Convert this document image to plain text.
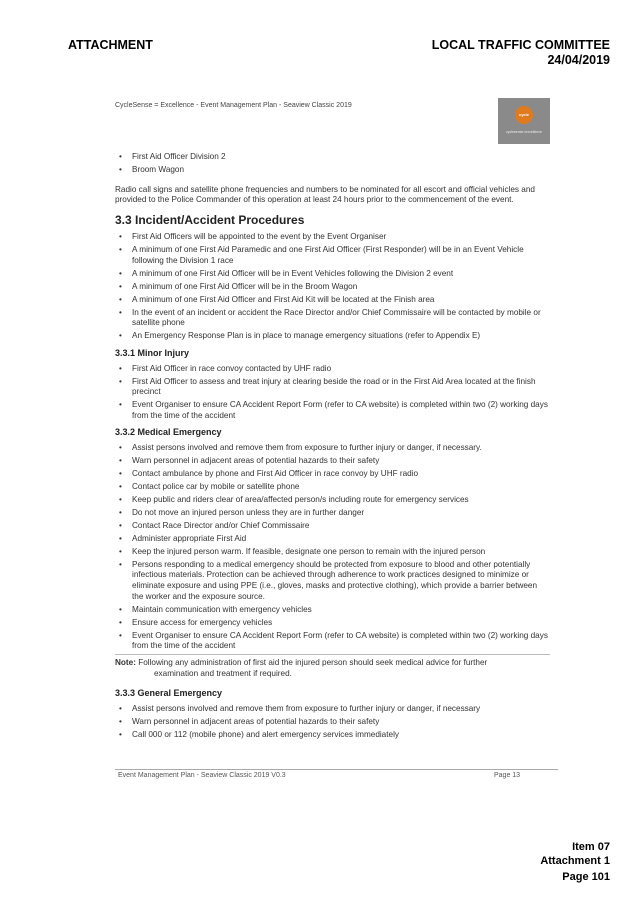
ATTACHMENT	LOCAL TRAFFIC COMMITTEE
24/04/2019
CycleSense = Excellence - Event Management Plan - Seaview Classic 2019
cycle
cyclesense=excellence
• First Aid Officer Division 2
• Broom Wagon

Radio call signs and satellite phone frequencies and numbers to be nominated for all escort and official vehicles and provided to the Police Commander of this operation at least 24 hours prior to the commencement of the event.

3.3 Incident/Accident Procedures
• First Aid Officers will be appointed to the event by the Event Organiser
• A minimum of one First Aid Paramedic and one First Aid Officer (First Responder) will be in an Event Vehicle following the Division 1 race
• A minimum of one First Aid Officer will be in Event Vehicles following the Division 2 event
• A minimum of one First Aid Officer will be in the Broom Wagon
• A minimum of one First Aid Officer and First Aid Kit will be located at the Finish area
• In the event of an incident or accident the Race Director and/or Chief Commissaire will be contacted by mobile or satellite phone
• An Emergency Response Plan is in place to manage emergency situations (refer to Appendix E)
3.3.1 Minor Injury
• First Aid Officer in race convoy contacted by UHF radio
• First Aid Officer to assess and treat injury at clearing beside the road or in the First Aid Area located at the finish precinct
• Event Organiser to ensure CA Accident Report Form (refer to CA website) is completed within two (2) working days from the time of the accident
3.3.2 Medical Emergency
• Assist persons involved and remove them from exposure to further injury or danger, if necessary.
• Warn personnel in adjacent areas of potential hazards to their safety
• Contact ambulance by phone and First Aid Officer in race convoy by UHF radio
• Contact police car by mobile or satellite phone
• Keep public and riders clear of area/affected person/s including route for emergency services
• Do not move an injured person unless they are in further danger
• Contact Race Director and/or Chief Commissaire
• Administer appropriate First Aid
• Keep the injured person warm. If feasible, designate one person to remain with the injured person
• Persons responding to a medical emergency should be protected from exposure to blood and other potentially infectious materials. Protection can be achieved through adherence to work practices designed to minimize or eliminate exposure and using PPE (i.e., gloves, masks and protective clothing), which provide a barrier between the worker and the exposure source.
• Maintain communication with emergency vehicles
• Ensure access for emergency vehicles
• Event Organiser to ensure CA Accident Report Form (refer to CA website) is completed within two (2) working days from the time of the accident
Note: Following any administration of first aid the injured person should seek medical advice for further
examination and treatment if required.
3.3.3 General Emergency
• Assist persons involved and remove them from exposure to further injury or danger, if necessary
• Warn personnel in adjacent areas of potential hazards to their safety
• Call 000 or 112 (mobile phone) and alert emergency services immediately
Event Management Plan - Seaview Classic 2019 V0.3	Page 13
Item 07
Attachment 1
Page 101
